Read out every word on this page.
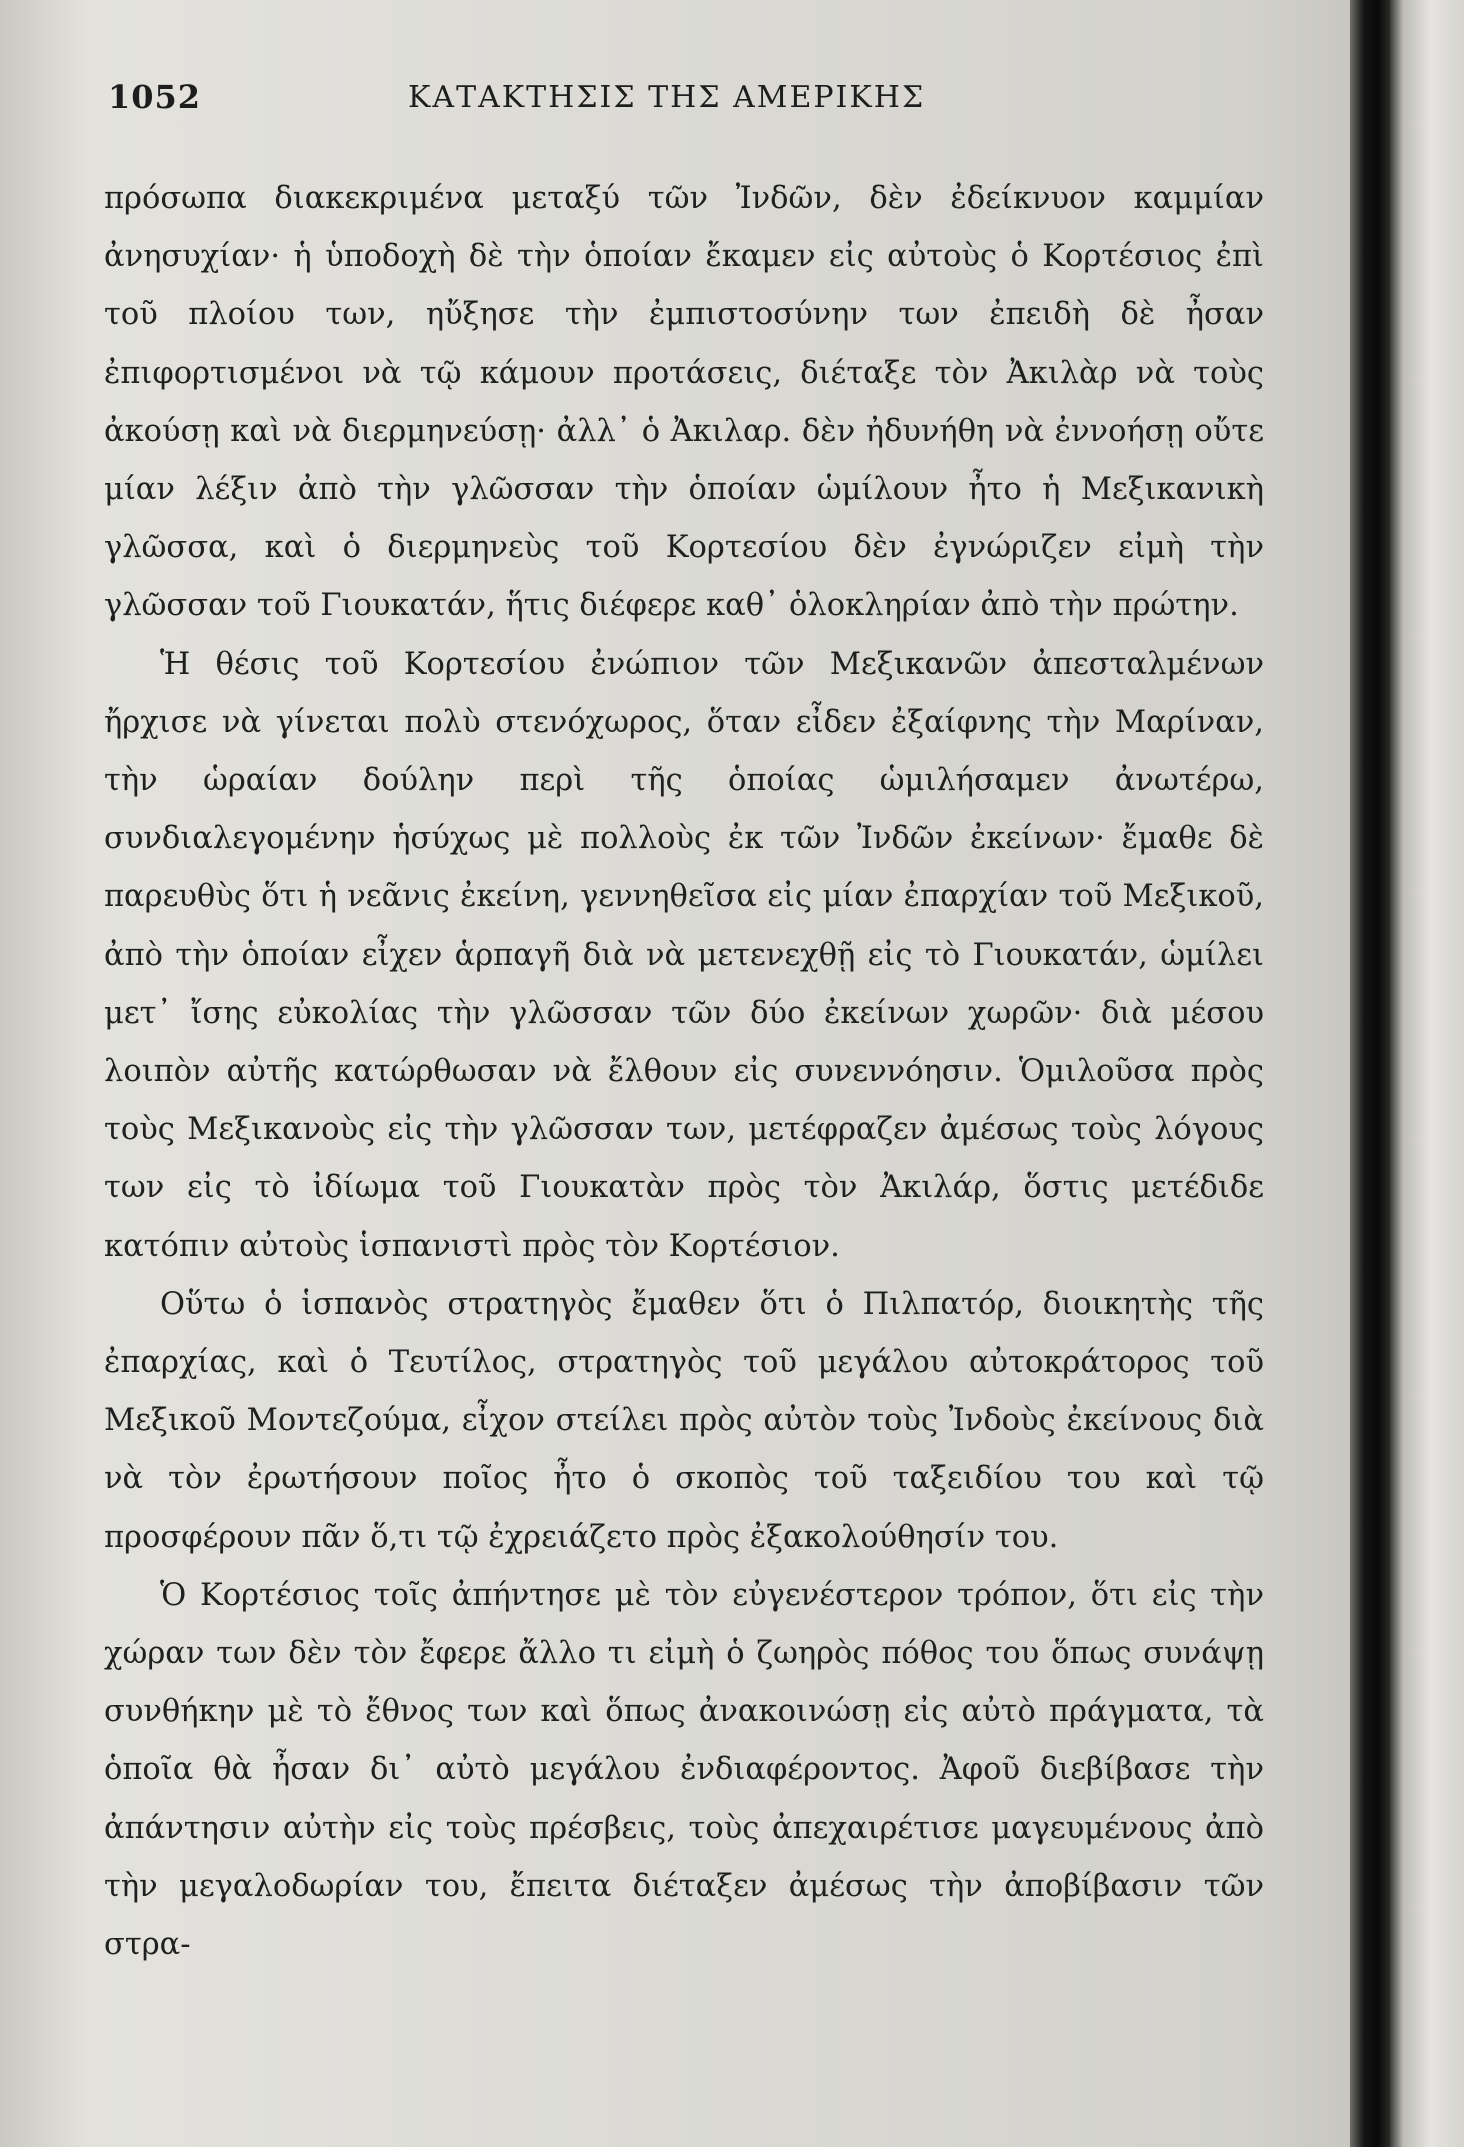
1052	ΚΑΤΑΚΤΗΣΙΣ ΤΗΣ ΑΜΕΡΙΚΗΣ

πρόσωπα διακεκριμένα μεταξύ τῶν Ἰνδῶν, δὲν ἐδείκνυον καμμίαν ἀνησυχίαν· ἡ ὑποδοχὴ δὲ τὴν ὁποίαν ἔκαμεν εἰς αὐτοὺς ὁ Κορτέσιος ἐπὶ τοῦ πλοίου των, ηὔξησε τὴν ἐμπιστοσύνην των ἐπειδὴ δὲ ἦσαν ἐπιφορτισμένοι νὰ τῷ κάμουν προτάσεις, διέταξε τὸν Ἀκιλὰρ νὰ τοὺς ἀκούσῃ καὶ νὰ διερμηνεύσῃ· ἀλλ᾽ ὁ Ἀκιλαρ. δὲν ἠδυνήθη νὰ ἐννοήσῃ οὔτε μίαν λέξιν ἀπὸ τὴν γλῶσσαν τὴν ὁποίαν ὡμίλουν ἦτο ἡ Μεξικανικὴ γλῶσσα, καὶ ὁ διερμηνεὺς τοῦ Κορτεσίου δὲν ἐγνώριζεν εἰμὴ τὴν γλῶσσαν τοῦ Γιουκατάν, ἥτις διέφερε καθ᾽ ὁλοκληρίαν ἀπὸ τὴν πρώτην.

Ἡ θέσις τοῦ Κορτεσίου ἐνώπιον τῶν Μεξικανῶν ἀπεσταλμένων ἤρχισε νὰ γίνεται πολὺ στενόχωρος, ὅταν εἶδεν ἐξαίφνης τὴν Μαρίναν, τὴν ὡραίαν δούλην περὶ τῆς ὁποίας ὡμιλήσαμεν ἀνωτέρω, συνδιαλεγομένην ἡσύχως μὲ πολλοὺς ἐκ τῶν Ἰνδῶν ἐκείνων· ἔμαθε δὲ παρευθὺς ὅτι ἡ νεᾶνις ἐκείνη, γεννηθεῖσα εἰς μίαν ἐπαρχίαν τοῦ Μεξικοῦ, ἀπὸ τὴν ὁποίαν εἶχεν ἁρπαγῆ διὰ νὰ μετενεχθῇ εἰς τὸ Γιουκατάν, ὡμίλει μετ᾽ ἴσης εὐκολίας τὴν γλῶσσαν τῶν δύο ἐκείνων χωρῶν· διὰ μέσου λοιπὸν αὐτῆς κατώρθωσαν νὰ ἔλθουν εἰς συνεννόησιν. Ὁμιλοῦσα πρὸς τοὺς Μεξικανοὺς εἰς τὴν γλῶσσαν των, μετέφραζεν ἀμέσως τοὺς λόγους των εἰς τὸ ἰδίωμα τοῦ Γιουκατὰν πρὸς τὸν Ἀκιλάρ, ὅστις μετέδιδε κατόπιν αὐτοὺς ἱσπανιστὶ πρὸς τὸν Κορτέσιον.

Οὕτω ὁ ἱσπανὸς στρατηγὸς ἔμαθεν ὅτι ὁ Πιλπατόρ, διοικητὴς τῆς ἐπαρχίας, καὶ ὁ Τευτίλος, στρατηγὸς τοῦ μεγάλου αὐτοκράτορος τοῦ Μεξικοῦ Μοντεζούμα, εἶχον στείλει πρὸς αὐτὸν τοὺς Ἰνδοὺς ἐκείνους διὰ νὰ τὸν ἐρωτήσουν ποῖος ἦτο ὁ σκοπὸς τοῦ ταξειδίου του καὶ τῷ προσφέρουν πᾶν ὅ,τι τῷ ἐχρειάζετο πρὸς ἐξακολούθησίν του.

Ὁ Κορτέσιος τοῖς ἀπήντησε μὲ τὸν εὐγενέστερον τρόπον, ὅτι εἰς τὴν χώραν των δὲν τὸν ἔφερε ἄλλο τι εἰμὴ ὁ ζωηρὸς πόθος του ὅπως συνάψῃ συνθήκην μὲ τὸ ἔθνος των καὶ ὅπως ἀνακοινώσῃ εἰς αὐτὸ πράγματα, τὰ ὁποῖα θὰ ἦσαν δι᾽ αὐτὸ μεγάλου ἐνδιαφέροντος. Ἀφοῦ διεβίβασε τὴν ἀπάντησιν αὐτὴν εἰς τοὺς πρέσβεις, τοὺς ἀπεχαιρέτισε μαγευμένους ἀπὸ τὴν μεγαλοδωρίαν του, ἔπειτα διέταξεν ἀμέσως τὴν ἀποβίβασιν τῶν στρα-
